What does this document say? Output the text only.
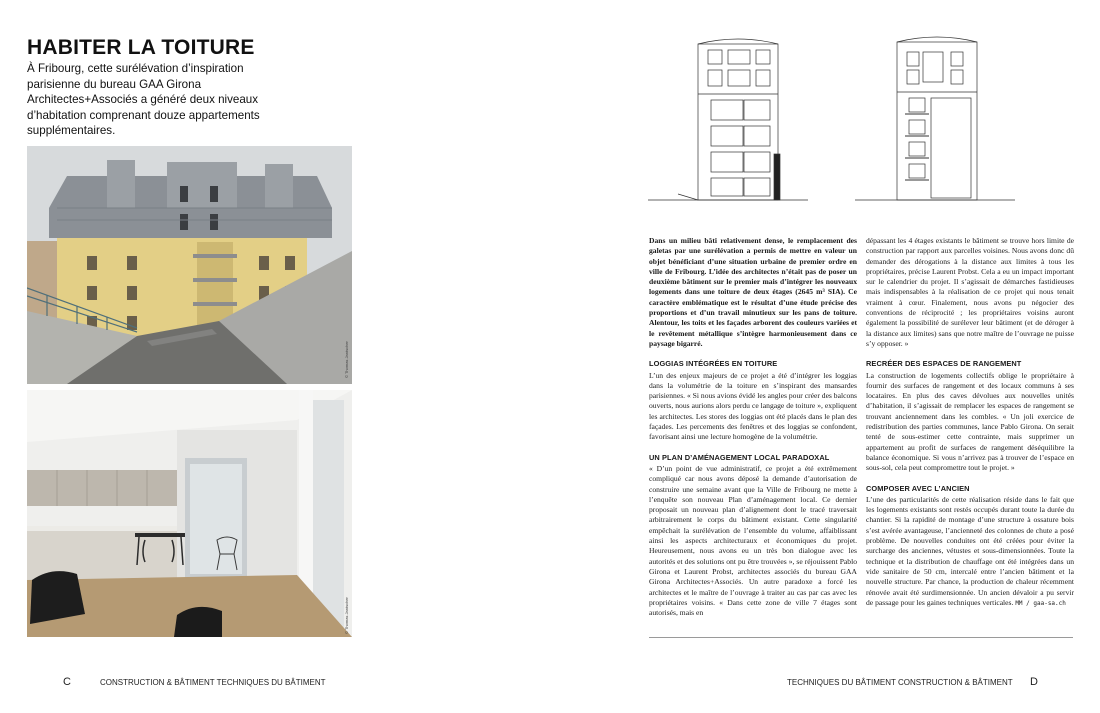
HABITER LA TOITURE
À Fribourg, cette surélévation d’inspiration parisienne du bureau GAA Girona Architectes+Associés a généré deux niveaux d’habitation comprenant douze appartements supplémentaires.
© Thomas Jantscher
© Thomas Jantscher
C	CONSTRUCTION & BÂTIMENT TECHNIQUES DU BÂTIMENT

Dans un milieu bâti relativement dense, le remplacement des galetas par une surélévation a permis de mettre en valeur un objet bénéficiant d’une situation urbaine de premier ordre en ville de Fribourg. L’idée des architectes n’était pas de poser un deuxième bâtiment sur le premier mais d’intégrer les nouveaux logements dans une toiture de deux étages (2645 m³ SIA). Ce caractère emblématique est le résultat d’une étude précise des proportions et d’un travail minutieux sur les pans de toiture. Alentour, les toits et les façades arborent des couleurs variées et le revêtement métallique s’intègre harmonieusement dans ce paysage bigarré.

LOGGIAS INTÉGRÉES EN TOITURE

L’un des enjeux majeurs de ce projet a été d’intégrer les loggias dans la volumétrie de la toiture en s’inspirant des mansardes parisiennes. « Si nous avions évidé les angles pour créer des balcons ouverts, nous aurions alors perdu ce langage de toiture », expliquent les architectes. Les stores des loggias ont été placés dans le plan des façades. Les percements des fenêtres et des loggias se confondent, favorisant ainsi une lecture homogène de la volumétrie.

UN PLAN D’AMÉNAGEMENT LOCAL PARADOXAL

« D’un point de vue administratif, ce projet a été extrêmement compliqué car nous avons déposé la demande d’autorisation de construire une semaine avant que la Ville de Fribourg ne mette à l’enquête son nouveau Plan d’aménagement local. Ce dernier proposait un nouveau plan d’alignement dont le tracé traversait arbitrairement le corps du bâtiment existant. Cette singularité empêchait la surélévation de l’ensemble du volume, affaiblissant ainsi les aspects architecturaux et économiques du projet. Heureusement, nous avons eu un très bon dialogue avec les autorités et des solutions ont pu être trouvées », se réjouissent Pablo Girona et Laurent Probst, architectes associés du bureau GAA Girona Architectes+Associés. Un autre paradoxe a forcé les architectes et le maître de l’ouvrage à traiter au cas par cas avec les propriétaires voisins. « Dans cette zone de ville 7 étages sont autorisés, mais en

dépassant les 4 étages existants le bâtiment se trouve hors limite de construction par rapport aux parcelles voisines. Nous avons donc dû demander des dérogations à la distance aux limites à tous les propriétaires, précise Laurent Probst. Cela a eu un impact important sur le calendrier du projet. Il s’agissait de démarches fastidieuses mais indispensables à la réalisation de ce projet qui nous tenait vraiment à cœur. Finalement, nous avons pu négocier des conventions de réciprocité ; les propriétaires voisins auront également la possibilité de surélever leur bâtiment (et de déroger à la distance aux limites) sans que notre maître de l’ouvrage ne puisse s’y opposer. »

RECRÉER DES ESPACES DE RANGEMENT

La construction de logements collectifs oblige le propriétaire à fournir des surfaces de rangement et des locaux communs à ses locataires. En plus des caves dévolues aux nouvelles unités d’habitation, il s’agissait de remplacer les espaces de rangement se trouvant anciennement dans les combles. « Un joli exercice de redistribution des parties communes, lance Pablo Girona. On serait tenté de sous-estimer cette contrainte, mais supprimer un appartement au profit de surfaces de rangement déséquilibre la balance économique. Si vous n’arrivez pas à trouver de l’espace en sous-sol, cela peut compromettre tout le projet. »

COMPOSER AVEC L’ANCIEN

L’une des particularités de cette réalisation réside dans le fait que les logements existants sont restés occupés durant toute la durée du chantier. Si la rapidité de montage d’une structure à ossature bois s’est avérée avantageuse, l’ancienneté des colonnes de chute a posé problème. De nouvelles conduites ont été créées pour éviter la surcharge des anciennes, vétustes et sous-dimensionnées. Toute la technique et la distribution de chauffage ont été intégrées dans un vide sanitaire de 50 cm, intercalé entre l’ancien bâtiment et la nouvelle structure. Par chance, la production de chaleur récemment rénovée avait été surdimensionnée. Un ancien dévaloir a pu servir de passage pour les gaines techniques verticales. MM / gaa-sa.ch

TECHNIQUES DU BÂTIMENT CONSTRUCTION & BÂTIMENT D
